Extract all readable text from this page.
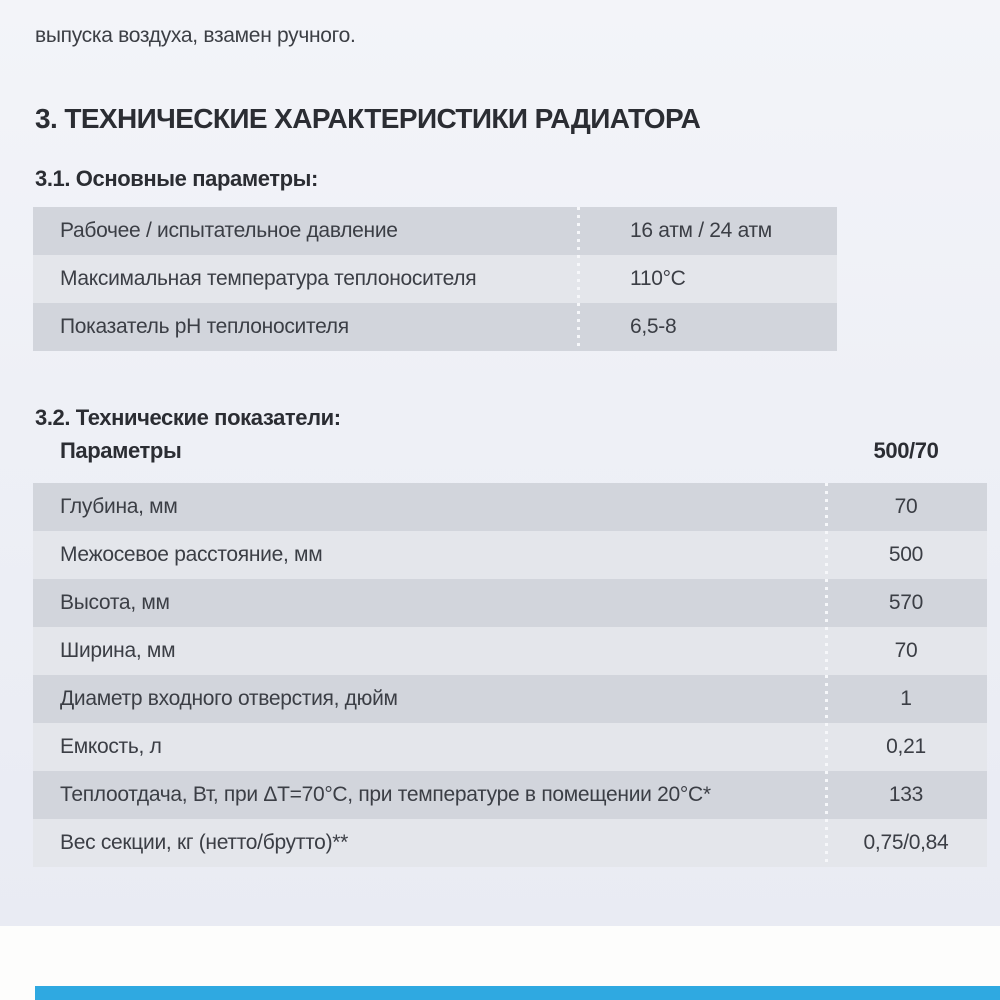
выпуска воздуха, взамен ручного.

3. ТЕХНИЧЕСКИЕ ХАРАКТЕРИСТИКИ РАДИАТОРА
3.1. Основные параметры:
Рабочее / испытательное давление	16 атм / 24 атм
Максимальная температура теплоносителя	110°С
Показатель рН теплоносителя	6,5-8
3.2. Технические показатели:
Параметры	500/70
Глубина, мм	70
Межосевое расстояние, мм	500
Высота, мм	570
Ширина, мм	70
Диаметр входного отверстия, дюйм	1
Емкость, л	0,21
Теплоотдача, Вт, при ΔТ=70°С, при температуре в помещении 20°С*	133
Вес секции, кг (нетто/брутто)**	0,75/0,84
